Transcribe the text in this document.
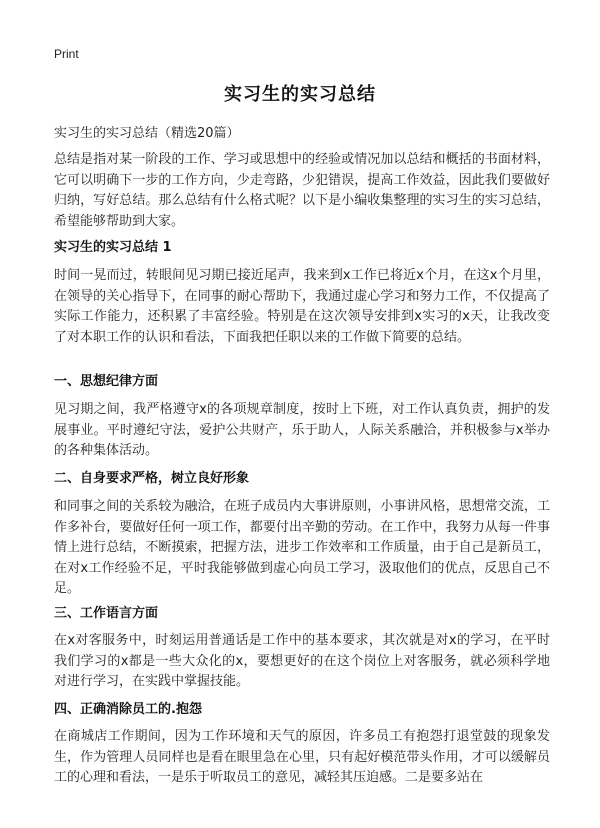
Print
实习生的实习总结
实习生的实习总结（精选20篇）
总结是指对某一阶段的工作、学习或思想中的经验或情况加以总结和概括的书面材料，它可以明确下一步的工作方向，少走弯路，少犯错误，提高工作效益，因此我们要做好归纳，写好总结。那么总结有什么格式呢？以下是小编收集整理的实习生的实习总结，希望能够帮助到大家。
实习生的实习总结 1
时间一晃而过，转眼间见习期已接近尾声，我来到x工作已将近x个月，在这x个月里，在领导的关心指导下，在同事的耐心帮助下，我通过虚心学习和努力工作，不仅提高了实际工作能力，还积累了丰富经验。特别是在这次领导安排到x实习的x天，让我改变了对本职工作的认识和看法，下面我把任职以来的工作做下简要的总结。
一、思想纪律方面
见习期之间，我严格遵守x的各项规章制度，按时上下班，对工作认真负责，拥护的发展事业。平时遵纪守法，爱护公共财产，乐于助人，人际关系融洽，并积极参与x举办的各种集体活动。
二、自身要求严格，树立良好形象
和同事之间的关系较为融洽，在班子成员内大事讲原则，小事讲风格，思想常交流，工作多补台，要做好任何一项工作，都要付出辛勤的劳动。在工作中，我努力从每一件事情上进行总结，不断摸索，把握方法，进步工作效率和工作质量，由于自己是新员工，在对x工作经验不足，平时我能够做到虚心向员工学习，汲取他们的优点，反思自己不足。
三、工作语言方面
在x对客服务中，时刻运用普通话是工作中的基本要求，其次就是对x的学习，在平时我们学习的x都是一些大众化的x，要想更好的在这个岗位上对客服务，就必须科学地对进行学习，在实践中掌握技能。
四、正确消除员工的.抱怨
在商城店工作期间，因为工作环境和天气的原因，许多员工有抱怨打退堂鼓的现象发生，作为管理人员同样也是看在眼里急在心里，只有起好模范带头作用，才可以缓解员工的心理和看法，一是乐于听取员工的意见，减轻其压迫感。二是要多站在
